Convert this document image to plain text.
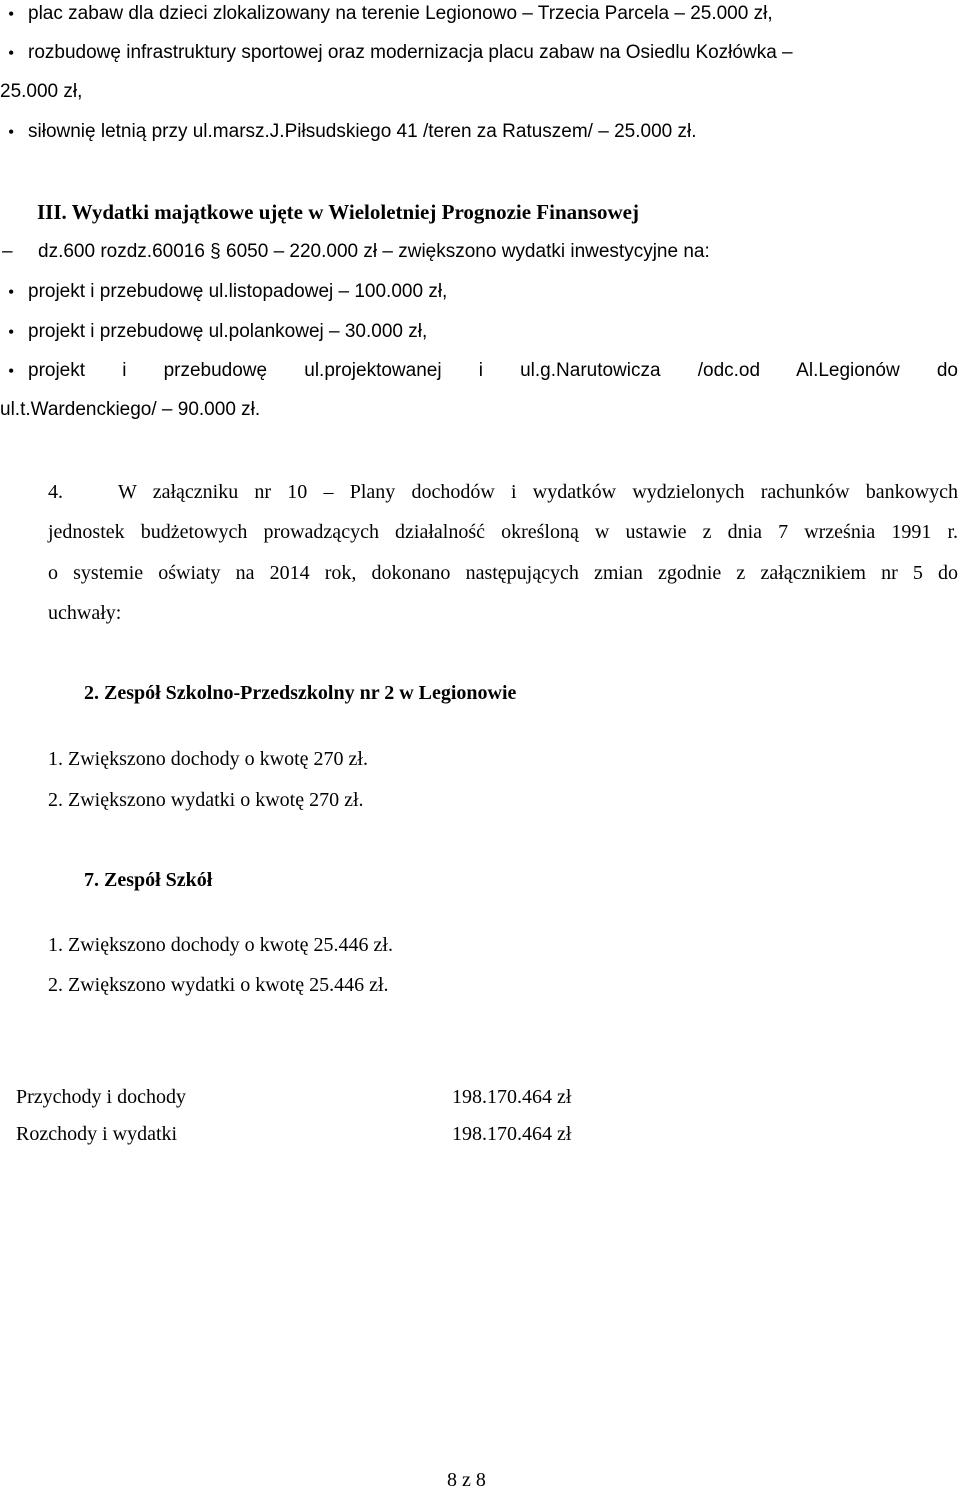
• plac zabaw dla dzieci zlokalizowany na terenie Legionowo – Trzecia Parcela – 25.000 zł,
• rozbudowę infrastruktury sportowej oraz modernizacja placu zabaw na Osiedlu Kozłówka –
25.000 zł,
• siłownię letnią przy ul.marsz.J.Piłsudskiego 41 /teren za Ratuszem/ – 25.000 zł.
III. Wydatki majątkowe ujęte w Wieloletniej Prognozie Finansowej
– dz.600 rozdz.60016 § 6050 – 220.000 zł – zwiększono wydatki inwestycyjne na:
• projekt i przebudowę ul.listopadowej – 100.000 zł,
• projekt i przebudowę ul.polankowej – 30.000 zł,
• projekt i przebudowę ul.projektowanej i ul.g.Narutowicza /odc.od Al.Legionów do
ul.t.Wardenckiego/ – 90.000 zł.
4.	W załączniku nr 10 – Plany dochodów i wydatków wydzielonych rachunków bankowych
jednostek budżetowych prowadzących działalność określoną w ustawie z dnia 7 września 1991 r.
o systemie oświaty na 2014 rok, dokonano następujących zmian zgodnie z załącznikiem nr 5 do
uchwały:
2. Zespół Szkolno-Przedszkolny nr 2 w Legionowie
1. Zwiększono dochody o kwotę 270 zł.
2. Zwiększono wydatki o kwotę 270 zł.
7. Zespół Szkół
1. Zwiększono dochody o kwotę 25.446 zł.
2. Zwiększono wydatki o kwotę 25.446 zł.
Przychody i dochody	198.170.464 zł
Rozchody i wydatki	198.170.464 zł
8 z 8
